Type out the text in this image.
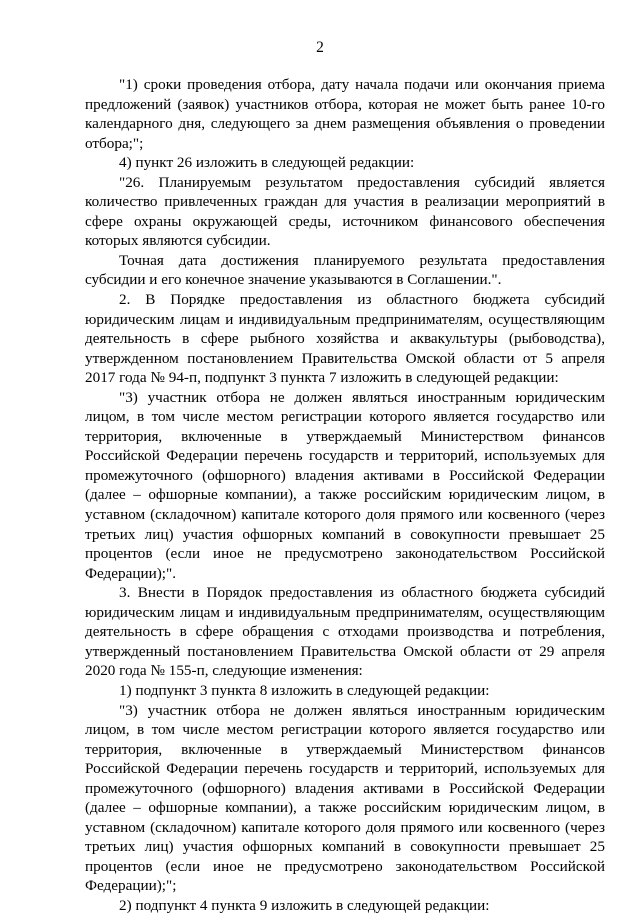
2

"1) сроки проведения отбора, дату начала подачи или окончания приема предложений (заявок) участников отбора, которая не может быть ранее 10-го календарного дня, следующего за днем размещения объявления о проведении отбора;";

4) пункт 26 изложить в следующей редакции:

"26. Планируемым результатом предоставления субсидий является количество привлеченных граждан для участия в реализации мероприятий в сфере охраны окружающей среды, источником финансового обеспечения которых являются субсидии.

Точная дата достижения планируемого результата предоставления субсидии и его конечное значение указываются в Соглашении.".

2. В Порядке предоставления из областного бюджета субсидий юридическим лицам и индивидуальным предпринимателям, осуществляющим деятельность в сфере рыбного хозяйства и аквакультуры (рыбоводства), утвержденном постановлением Правительства Омской области от 5 апреля 2017 года № 94-п, подпункт 3 пункта 7 изложить в следующей редакции:

"3) участник отбора не должен являться иностранным юридическим лицом, в том числе местом регистрации которого является государство или территория, включенные в утверждаемый Министерством финансов Российской Федерации перечень государств и территорий, используемых для промежуточного (офшорного) владения активами в Российской Федерации (далее – офшорные компании), а также российским юридическим лицом, в уставном (складочном) капитале которого доля прямого или косвенного (через третьих лиц) участия офшорных компаний в совокупности превышает 25 процентов (если иное не предусмотрено законодательством Российской Федерации);".

3. Внести в Порядок предоставления из областного бюджета субсидий юридическим лицам и индивидуальным предпринимателям, осуществляющим деятельность в сфере обращения с отходами производства и потребления, утвержденный постановлением Правительства Омской области от 29 апреля 2020 года № 155-п, следующие изменения:

1) подпункт 3 пункта 8 изложить в следующей редакции:

"3) участник отбора не должен являться иностранным юридическим лицом, в том числе местом регистрации которого является государство или территория, включенные в утверждаемый Министерством финансов Российской Федерации перечень государств и территорий, используемых для промежуточного (офшорного) владения активами в Российской Федерации (далее – офшорные компании), а также российским юридическим лицом, в уставном (складочном) капитале которого доля прямого или косвенного (через третьих лиц) участия офшорных компаний в совокупности превышает 25 процентов (если иное не предусмотрено законодательством Российской Федерации);";

2) подпункт 4 пункта 9 изложить в следующей редакции:
